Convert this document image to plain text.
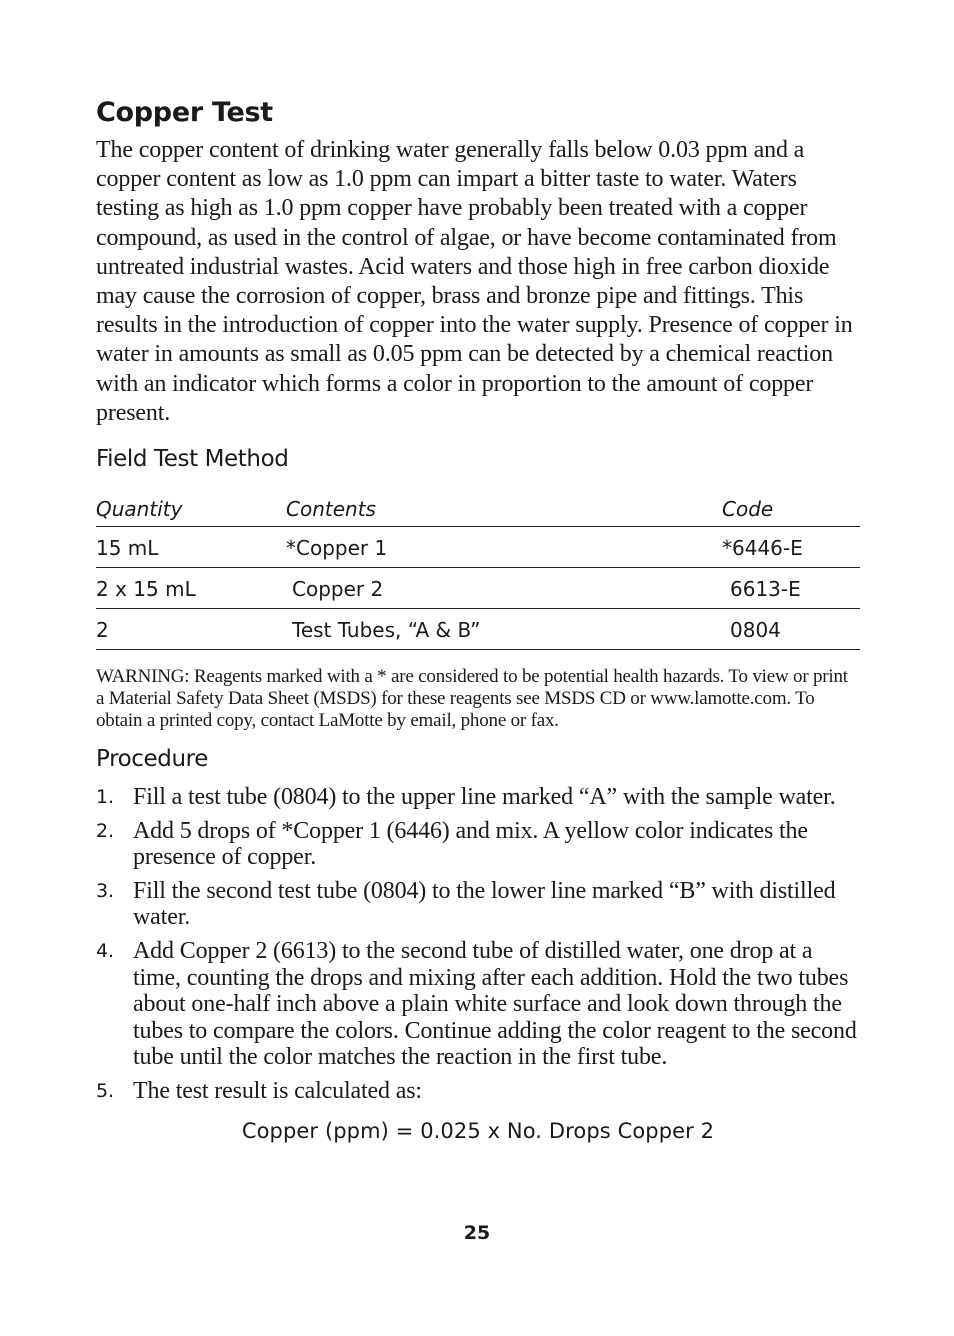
Copper Test

The copper content of drinking water generally falls below 0.03 ppm and a copper content as low as 1.0 ppm can impart a bitter taste to water. Waters testing as high as 1.0 ppm copper have probably been treated with a copper compound, as used in the control of algae, or have become contaminated from untreated industrial wastes. Acid waters and those high in free carbon dioxide may cause the corrosion of copper, brass and bronze pipe and fittings. This results in the introduction of copper into the water supply. Presence of copper in water in amounts as small as 0.05 ppm can be detected by a chemical reaction with an indicator which forms a color in proportion to the amount of copper present.

Field Test Method
Quantity	Contents	Code
15 mL	*Copper 1	*6446-E
2 x 15 mL	Copper 2	6613-E
2	Test Tubes, “A & B”	0804

WARNING: Reagents marked with a * are considered to be potential health hazards. To view or print a Material Safety Data Sheet (MSDS) for these reagents see MSDS CD or www.lamotte.com. To obtain a printed copy, contact LaMotte by email, phone or fax.

Procedure
1. Fill a test tube (0804) to the upper line marked “A” with the sample water.
2. Add 5 drops of *Copper 1 (6446) and mix. A yellow color indicates the presence of copper.
3. Fill the second test tube (0804) to the lower line marked “B” with distilled water.
4. Add Copper 2 (6613) to the second tube of distilled water, one drop at a time, counting the drops and mixing after each addition. Hold the two tubes about one-half inch above a plain white surface and look down through the tubes to compare the colors. Continue adding the color reagent to the second tube until the color matches the reaction in the first tube.
5. The test result is calculated as:
Copper (ppm) = 0.025 x No. Drops Copper 2
25
